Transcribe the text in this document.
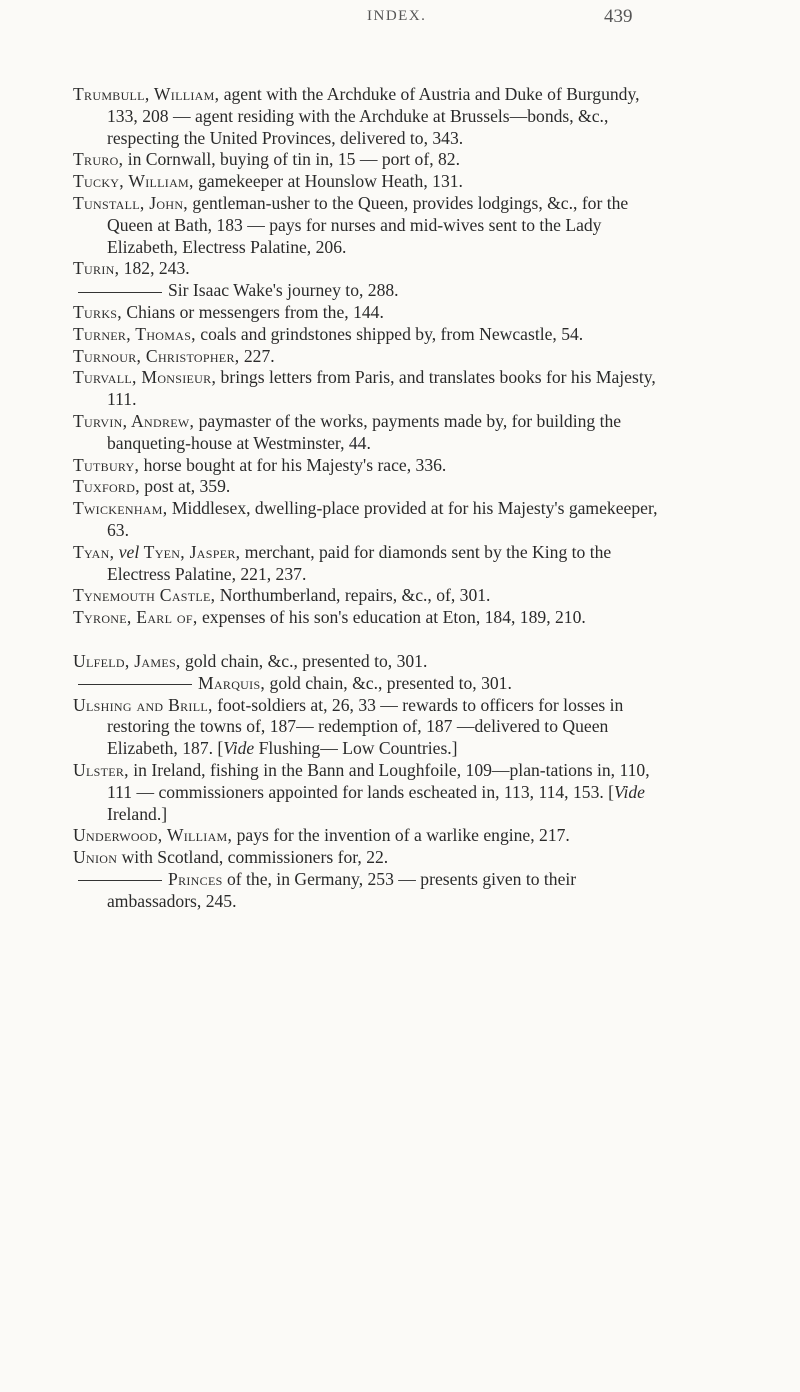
INDEX.	439

Trumbull, William, agent with the Archduke of Austria and Duke of Burgundy, 133, 208 — agent residing with the Archduke at Brussels—bonds, &c., respecting the United Provinces, delivered to, 343.

Truro, in Cornwall, buying of tin in, 15 — port of, 82.

Tucky, William, gamekeeper at Hounslow Heath, 131.

Tunstall, John, gentleman-usher to the Queen, provides lodgings, &c., for the Queen at Bath, 183 — pays for nurses and mid-wives sent to the Lady Elizabeth, Electress Palatine, 206.

Turin, 182, 243.

Sir Isaac Wake's journey to, 288.

Turks, Chians or messengers from the, 144.

Turner, Thomas, coals and grindstones shipped by, from Newcastle, 54.

Turnour, Christopher, 227.

Turvall, Monsieur, brings letters from Paris, and translates books for his Majesty, 111.

Turvin, Andrew, paymaster of the works, payments made by, for building the banqueting-house at Westminster, 44.

Tutbury, horse bought at for his Majesty's race, 336.

Tuxford, post at, 359.

Twickenham, Middlesex, dwelling-place provided at for his Majesty's gamekeeper, 63.

Tyan, vel Tyen, Jasper, merchant, paid for diamonds sent by the King to the Electress Palatine, 221, 237.

Tynemouth Castle, Northumberland, repairs, &c., of, 301.

Tyrone, Earl of, expenses of his son's education at Eton, 184, 189, 210.

Ulfeld, James, gold chain, &c., presented to, 301.

Marquis, gold chain, &c., presented to, 301.

Ulshing and Brill, foot-soldiers at, 26, 33 — rewards to officers for losses in restoring the towns of, 187— redemption of, 187 —delivered to Queen Elizabeth, 187. [Vide Flushing— Low Countries.]

Ulster, in Ireland, fishing in the Bann and Loughfoile, 109—plan-tations in, 110, 111 — commissioners appointed for lands escheated in, 113, 114, 153. [Vide Ireland.]

Underwood, William, pays for the invention of a warlike engine, 217.

Union with Scotland, commissioners for, 22.

Princes of the, in Germany, 253 — presents given to their ambassadors, 245.
